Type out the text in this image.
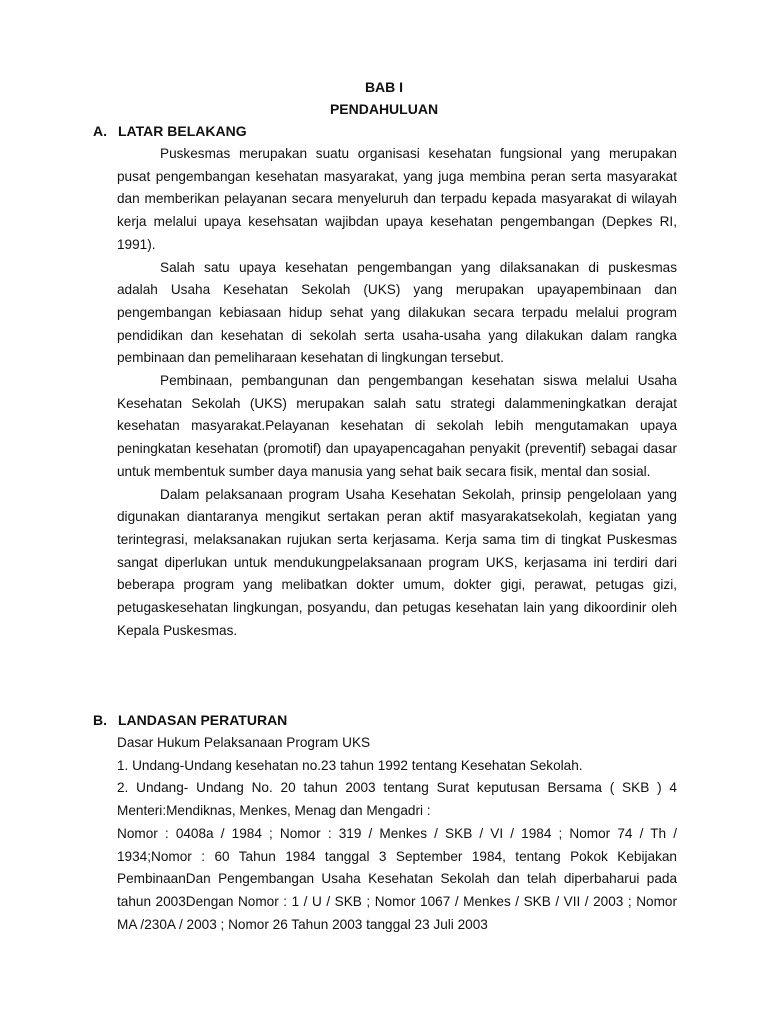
BAB I
PENDAHULUAN
A. LATAR BELAKANG

Puskesmas merupakan suatu organisasi kesehatan fungsional yang merupakan pusat pengembangan kesehatan masyarakat, yang juga membina peran serta masyarakat dan memberikan pelayanan secara menyeluruh dan terpadu kepada masyarakat di wilayah kerja melalui upaya kesehsatan wajibdan upaya kesehatan pengembangan (Depkes RI, 1991).

Salah satu upaya kesehatan pengembangan yang dilaksanakan di puskesmas adalah Usaha Kesehatan Sekolah (UKS) yang merupakan upayapembinaan dan pengembangan kebiasaan hidup sehat yang dilakukan secara terpadu melalui program pendidikan dan kesehatan di sekolah serta usaha-usaha yang dilakukan dalam rangka pembinaan dan pemeliharaan kesehatan di lingkungan tersebut.

Pembinaan, pembangunan dan pengembangan kesehatan siswa melalui Usaha Kesehatan Sekolah (UKS) merupakan salah satu strategi dalammeningkatkan derajat kesehatan masyarakat.Pelayanan kesehatan di sekolah lebih mengutamakan upaya peningkatan kesehatan (promotif) dan upayapencagahan penyakit (preventif) sebagai dasar untuk membentuk sumber daya manusia yang sehat baik secara fisik, mental dan sosial.

Dalam pelaksanaan program Usaha Kesehatan Sekolah, prinsip pengelolaan yang digunakan diantaranya mengikut sertakan peran aktif masyarakatsekolah, kegiatan yang terintegrasi, melaksanakan rujukan serta kerjasama. Kerja sama tim di tingkat Puskesmas sangat diperlukan untuk mendukungpelaksanaan program UKS, kerjasama ini terdiri dari beberapa program yang melibatkan dokter umum, dokter gigi, perawat, petugas gizi, petugaskesehatan lingkungan, posyandu, dan petugas kesehatan lain yang dikoordinir oleh Kepala Puskesmas.

B. LANDASAN PERATURAN

Dasar Hukum Pelaksanaan Program UKS

1. Undang-Undang kesehatan no.23 tahun 1992 tentang Kesehatan Sekolah.

2. Undang- Undang No. 20 tahun 2003 tentang Surat keputusan Bersama ( SKB ) 4 Menteri:Mendiknas, Menkes, Menag dan Mengadri :

Nomor : 0408a / 1984 ; Nomor : 319 / Menkes / SKB / VI / 1984 ; Nomor 74 / Th / 1934;Nomor : 60 Tahun 1984 tanggal 3 September 1984, tentang Pokok Kebijakan PembinaanDan Pengembangan Usaha Kesehatan Sekolah dan telah diperbaharui pada tahun 2003Dengan Nomor : 1 / U / SKB ; Nomor 1067 / Menkes / SKB / VII / 2003 ; Nomor MA /230A / 2003 ; Nomor 26 Tahun 2003 tanggal 23 Juli 2003
